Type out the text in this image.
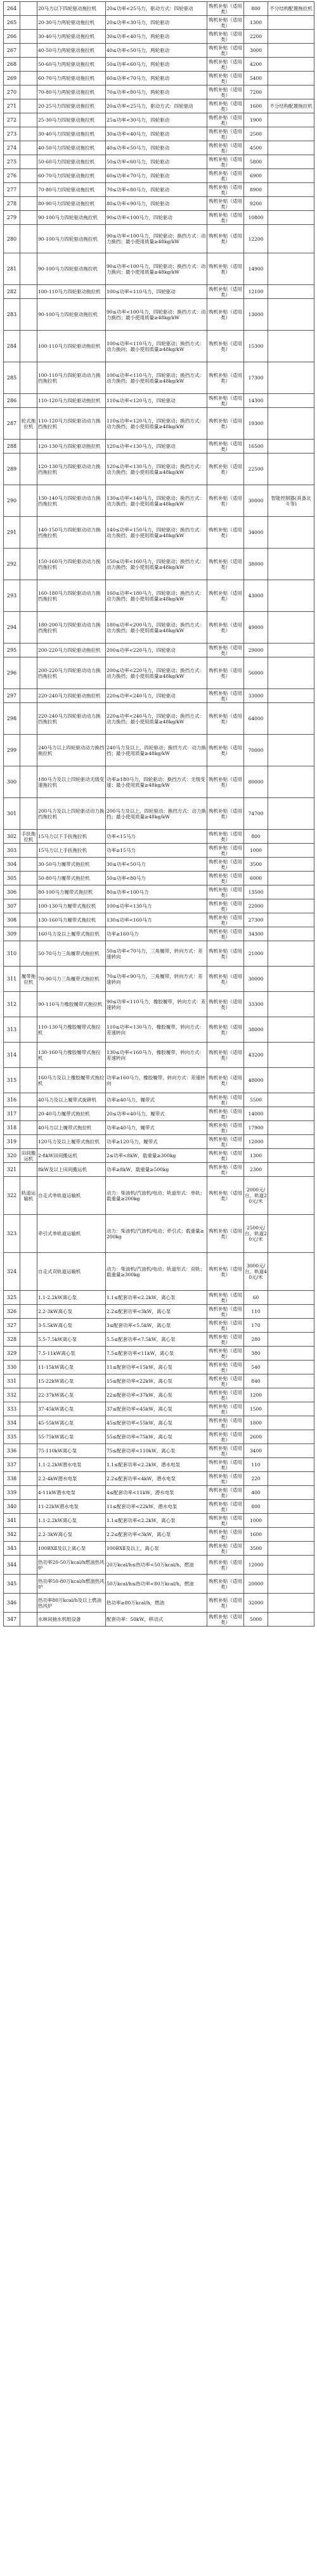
264		20马力以下四轮驱动拖拉机	20≤功率<25马力，驱动方式：四轮驱动	购机补贴（适用类）	800	不分结构配置拖拉机
265		20-30马力两轮驱动拖拉机	20≤功率<30马力，四轮驱动	购机补贴（适用类）	1300	
266		30-40马力两轮驱动拖拉机	30≤功率<40马力，两轮驱动	购机补贴（适用类）	2200	
267		40-50马力两轮驱动拖拉机	40≤功率<50马力，两轮驱动	购机补贴（适用类）	3000	
268		50-60马力两轮驱动拖拉机	50≤功率<60马力，两轮驱动	购机补贴（适用类）	4200	
269		60-70马力两轮驱动拖拉机	60≤功率<70马力，两轮驱动	购机补贴（适用类）	5400	
270		70-80马力两轮驱动拖拉机	70≤功率<80马力，两轮驱动	购机补贴（适用类）	7200	
271		20-25马力四轮驱动拖拉机	20≤功率<25马力，驱动方式：四轮驱动	购机补贴（适用类）	1600	不分结构配置拖拉机
272		25-30马力四轮驱动拖拉机	25≤功率<30马力，四轮驱动	购机补贴（适用类）	1900	
273		30-40马力四轮驱动拖拉机	30≤功率<40马力，四轮驱动	购机补贴（适用类）	2500	
274		40-50马力四轮驱动拖拉机	40≤功率<50马力，四轮驱动	购机补贴（适用类）	4500	
275		50-60马力四轮驱动拖拉机	50≤功率<60马力，四轮驱动	购机补贴（适用类）	5800	
276		60-70马力四轮驱动拖拉机	60≤功率<70马力，四轮驱动	购机补贴（适用类）	6900	
277		70-80马力四轮驱动拖拉机	70≤功率<80马力，四轮驱动	购机补贴（适用类）	8900	
278		80-90马力四轮驱动拖拉机	80≤功率<90马力，四轮驱动	购机补贴（适用类）	9200	
279		90-100马力四轮驱动拖拉机	90≤功率<100马力，四轮驱动	购机补贴（适用类）	10800	
280		90-100马力四轮驱动拖拉机	90≤功率<100马力，四轮驱动；换挡方式：动力换挡；最小使用质量≥48kg/kW	购机补贴（适用类）	12200	
281		90-100马力四轮驱动拖拉机	90≤功率<100马力，四轮驱动；换挡方式：动力换向；最小使用质量≥48kg/kW	购机补贴（适用类）	14900	
282		100-110马力四轮驱动拖拉机	100≤功率<110马力，四轮驱动	购机补贴（适用类）	12100	
283		90-100马力四轮驱动拖拉机	90≤功率<100马力，四轮驱动；换挡方式：动力换挡；最小使用质量≥48kg/kW	购机补贴（适用类）	13000	
284		100-110马力四轮驱动拖拉机	100≤功率<110马力，四轮驱动；换挡方式：动力换向；最小使用质量≥48kg/kW	购机补贴（适用类）	15300	
285		100-110马力四轮驱动动力换挡拖拉机	100≤功率<110马力，四轮驱动；换挡方式：动力换挡；最小使用质量≥48kg/kW	购机补贴（适用类）	17300	
286		110-120马力四轮驱动拖拉机	110≤功率<120马力，四轮驱动	购机补贴（适用类）	14300	
287	轮式拖拉机	110-120马力四轮驱动动力换挡拖拉机	110≤功率<120马力，四轮驱动；换挡方式：动力换挡；最小使用质量≥48kg/kW	购机补贴（适用类）	19300	
288		120-130马力四轮驱动拖拉机	120≤功率<130马力，四轮驱动	购机补贴（适用类）	16500	
289		120-130马力四轮驱动动力换挡拖拉机	120≤功率<130马力，四轮驱动；换挡方式：动力换挡；最小使用质量≥48kg/kW	购机补贴（适用类）	22500	
290		130-140马力四轮驱动动力换挡拖拉机	130≤功率<140马力，四轮驱动；换挡方式：动力换挡；最小使用质量≥48kg/kW	购机补贴（适用类）	30000	智能控制器(具备北斗等)
291		140-150马力四轮驱动动力换挡拖拉机	140≤功率<150马力，四轮驱动；换挡方式：动力换挡；最小使用质量≥48kg/kW	购机补贴（适用类）	34000	
292		150-160马力四轮驱动动力换挡拖拉机	150≤功率<160马力，四轮驱动；换挡方式：动力换挡；最小使用质量≥48kg/kW	购机补贴（适用类）	38000	
293		160-180马力四轮驱动动力换挡拖拉机	160≤功率<180马力，四轮驱动；换挡方式：动力换挡；最小使用质量≥48kg/kW	购机补贴（适用类）	43000	
294		180-200马力四轮驱动动力换挡拖拉机	180≤功率<200马力，四轮驱动；换挡方式：动力换挡；最小使用质量≥48kg/kW	购机补贴（适用类）	49000	
295		200-220马力四轮驱动拖拉机	200≤功率<220马力，四轮驱动	购机补贴（适用类）	29000	
296		200-220马力四轮驱动动力换挡拖拉机	200≤功率<220马力，四轮驱动；换挡方式：动力换挡；最小使用质量≥48kg/kW	购机补贴（适用类）	56000	
297		220-240马力四轮驱动拖拉机	220≤功率<240马力，四轮驱动	购机补贴（适用类）	33000	
298		220-240马力四轮驱动动力换挡拖拉机	220≤功率<240马力，四轮驱动；换挡方式：动力换挡；最小使用质量≥48kg/kW	购机补贴（适用类）	64000	
299		240马力以上四轮驱动动力换挡拖拉机	240马力及以上，四轮驱动；换挡方式：动力换挡；最小使用质量≥48kg/kW	购机补贴（适用类）	70000	
300		180马力及以上四轮驱动无级变速拖拉机	功率≥180马力，四轮驱动；换挡方式：无级变速；最小使用质量≥48kg/kW	购机补贴（适用类）	80000	
301		200马力及以上四轮驱动动力换挡拖拉机	200马力及以上，四轮驱动；换挡方式：动力换挡；最小使用质量≥48kg/kW	购机补贴（适用类）	74700	
302	手扶拖拉机	15马力以下手扶拖拉机	功率<15马力	购机补贴（适用类）	800	
303		15马力以上手扶拖拉机	功率≥15马力	购机补贴（适用类）	1000	
304		30-50马力履带式拖拉机	30≤功率<50马力	购机补贴（适用类）	3500	
305		50-80马力履带式拖拉机	50≤功率<80马力	购机补贴（适用类）	6000	
306		80-100马力履带式拖拉机	80≤功率<100马力	购机补贴（适用类）	13500	
307		100-130马力履带式拖拉机	100≤功率<130马力	购机补贴（适用类）	22000	
308		130-160马力履带式拖拉机	130≤功率<160马力	购机补贴（适用类）	27300	
309		160马力及以上履带式拖拉机	功率≥160马力	购机补贴（适用类）	34300	
310		50-70马力三角履带式拖拉机	50≤功率<70马力，三角履带，转向方式：差速转向	购机补贴（适用类）	21000	
311	履带拖拉机	70-90马力三角履带式拖拉机	70≤功率<90马力，三角履带，转向方式：差速转向	购机补贴（适用类）	30000	
312		90-110马力橡胶履带式拖拉机	90≤功率<110马力，橡胶履带，转向方式：差速转向	购机补贴（适用类）	33300	
313		110-130马力橡胶履带式拖拉机	110≤功率<130马力，橡胶履带，转向方式：差速转向	购机补贴（适用类）	38000	
314		130-160马力橡胶履带式拖拉机	130≤功率<160马力，橡胶履带，转向方式：差速转向	购机补贴（适用类）	43200	
315		160马力及以上橡胶履带式拖拉机	功率≥160马力，橡胶履带，转向方式：差速转向	购机补贴（适用类）	48000	
316		40马力及以上履带式旋耕机	功率≥40马力，履带式	购机补贴（适用类）	5500	
317		20-40马力履带式拖拉机	20≤功率<40马力，履带式	购机补贴（适用类）	14000	
318		40马力以上履带式拖拉机	功率≥40马力，履带式	购机补贴（适用类）	17900	
319		120马力及以上履带式拖拉机	功率≥120马力，履带式	购机补贴（适用类）	12000	
320	田间搬运机	2-8kW田间搬运机	2≤功率<8kW，载重量≥300kg	购机补贴（适用类）	1300	
321		8kW及以上田间搬运机	功率≥8kW，载重量≥500kg	购机补贴（适用类）	2300	
322	轨道运输机	自走式单轨道运输机	动力：柴油机/汽油机/电动；轨道形式：单轨；载重量≥200kg	购机补贴（适用类）	2000元/台，轨道20元/米	
323		牵引式单轨道运输机	动力：柴油机/汽油机/电动；牵引式；载重量≥200kg	购机补贴（适用类）	2500元/台，轨道20元/米	
324		自走式双轨道运输机	动力：柴油机/汽油机/电动；轨道形式：双轨；载重量≥300kg	购机补贴（适用类）	3000元/台，轨道40元/米	
325		1.1-2.2kW离心泵	1.1≤配套功率<2.2kW，离心泵	购机补贴（适用类）	60	
326		2.2-3kW离心泵	2.2≤配套功率<3kW，离心泵	购机补贴（适用类）	110	
327		3-5.5kW离心泵	3≤配套功率<5.5kW，离心泵	购机补贴（适用类）	170	
328		5.5-7.5kW离心泵	5.5≤配套功率<7.5kW，离心泵	购机补贴（适用类）	280	
329		7.5-11kW离心泵	7.5≤配套功率<11kW，离心泵	购机补贴（适用类）	380	
330		11-15kW离心泵	11≤配套功率<15kW，离心泵	购机补贴（适用类）	540	
331		15-22kW离心泵	15≤配套功率<22kW，离心泵	购机补贴（适用类）	840	
332		22-37kW离心泵	22≤配套功率<37kW，离心泵	购机补贴（适用类）	1200	
333		37-45kW离心泵	37≤配套功率<45kW，离心泵	购机补贴（适用类）	1500	
334		45-55kW离心泵	45≤配套功率<55kW，离心泵	购机补贴（适用类）	1800	
335		55-75kW离心泵	55≤配套功率<75kW，离心泵	购机补贴（适用类）	2600	
336		75-110kW离心泵	75≤配套功率<110kW，离心泵	购机补贴（适用类）	3400	
337		1.1-2.2kW潜水电泵	1.1≤配套功率<2.2kW，潜水电泵	购机补贴（适用类）	110	
338		2.2-4kW潜水电泵	2.2≤配套功率<4kW，潜水电泵	购机补贴（适用类）	220	
339		4-11kW潜水电泵	4≤配套功率<11kW，潜水电泵	购机补贴（适用类）	400	
340		11-22kW潜水电泵	11≤配套功率<22kW，潜水电泵	购机补贴（适用类）	800	
341		1.1-2.2kW离心泵	1.1≤配套功率<2.2kW，离心泵	购机补贴（适用类）	1000	
342		2.2-3kW离心泵	2.2≤配套功率<3kW，离心泵	购机补贴（适用类）	1600	
343		100BXⅡ及以上离心泵	100BXⅡ及以上，离心泵	购机补贴（适用类）	3500	
344		热功率20-50万kcal/h燃油热风炉	20万kcal/h≤热功率<50万kcal/h，燃油	购机补贴（适用类）	12000	
345		热功率50-80万kcal/h燃油热风炉	50万kcal/h≤热功率<80万kcal/h，燃油	购机补贴（适用类）	20000	
346		热功率80万kcal/h及以上燃油热风炉	热功率≥80万kcal/h，燃油	购机补贴（适用类）	32000	
347		水林间抽水机组设备	配套功率：50kW，移动式	购机补贴（适用类）	5000	
